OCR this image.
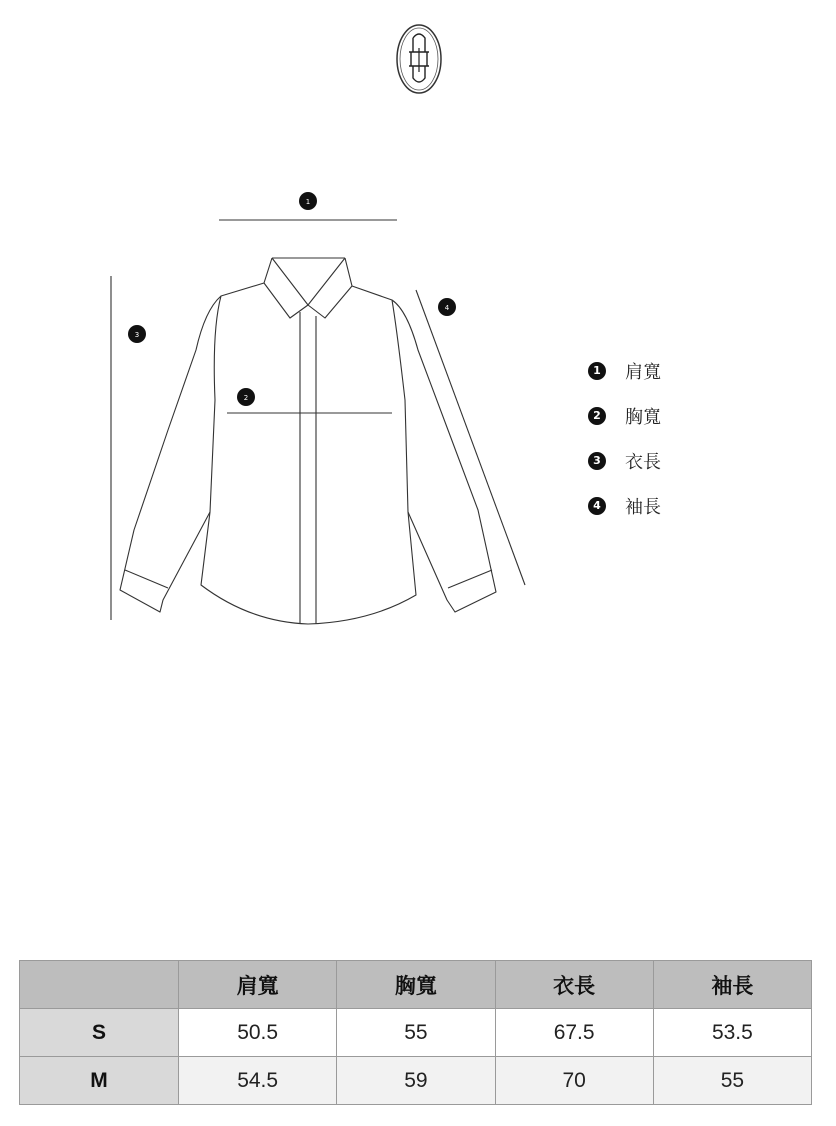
1
2
3
4
1 肩寬
2 胸寬
3 衣長
4 袖長
	肩寬	胸寬	衣長	袖長
S	50.5	55	67.5	53.5
M	54.5	59	70	55
